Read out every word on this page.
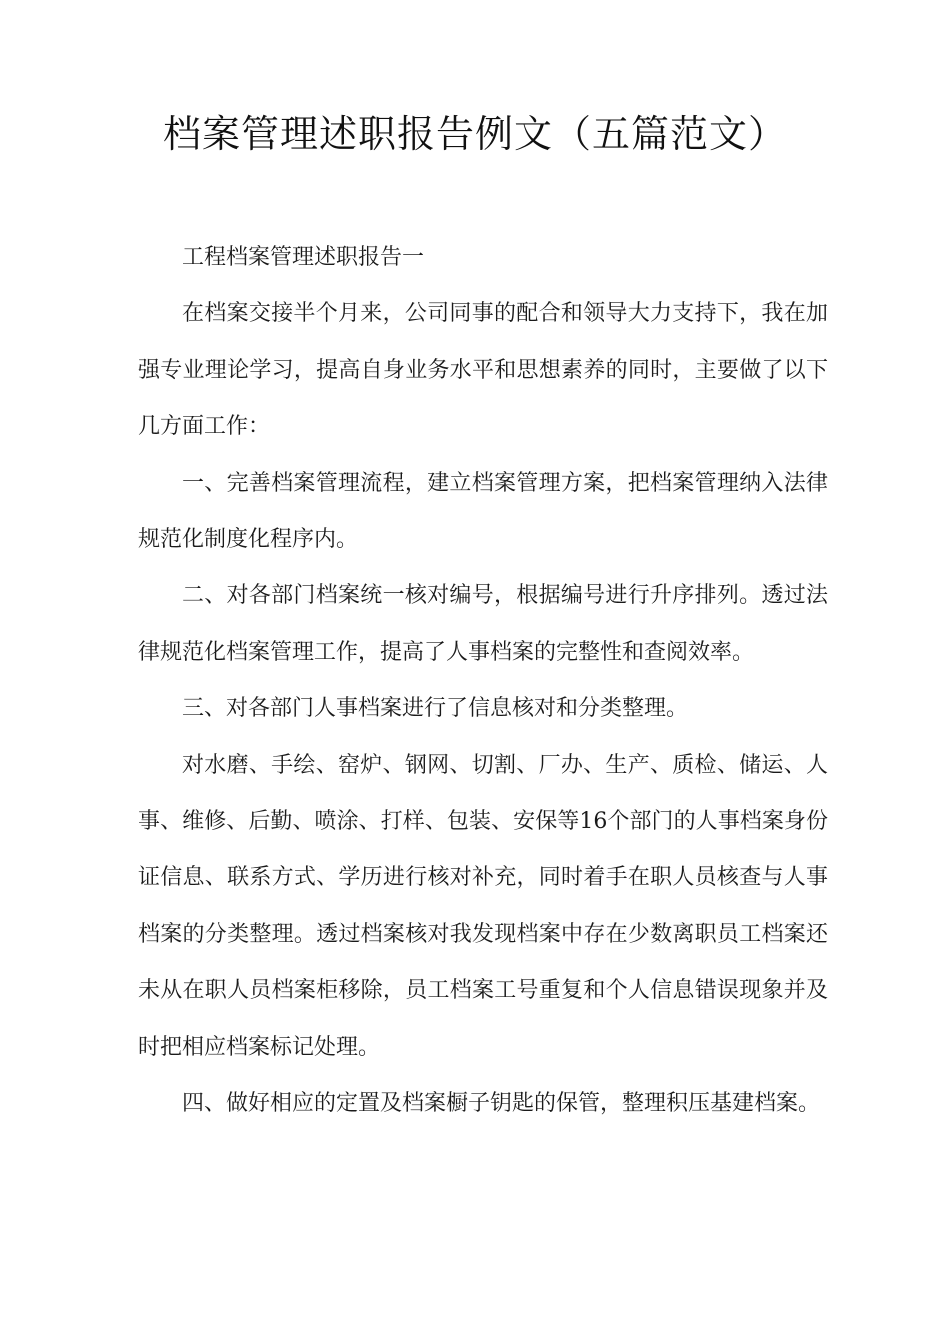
档案管理述职报告例文（五篇范文）

工程档案管理述职报告一

在档案交接半个月来，公司同事的配合和领导大力支持下，我在加强专业理论学习，提高自身业务水平和思想素养的同时，主要做了以下几方面工作：

一、完善档案管理流程，建立档案管理方案，把档案管理纳入法律规范化制度化程序内。

二、对各部门档案统一核对编号，根据编号进行升序排列。透过法律规范化档案管理工作，提高了人事档案的完整性和查阅效率。

三、对各部门人事档案进行了信息核对和分类整理。

对水磨、手绘、窑炉、钢网、切割、厂办、生产、质检、储运、人事、维修、后勤、喷涂、打样、包装、安保等16个部门的人事档案身份证信息、联系方式、学历进行核对补充，同时着手在职人员核查与人事档案的分类整理。透过档案核对我发现档案中存在少数离职员工档案还未从在职人员档案柜移除，员工档案工号重复和个人信息错误现象并及时把相应档案标记处理。

四、做好相应的定置及档案橱子钥匙的保管，整理积压基建档案。
